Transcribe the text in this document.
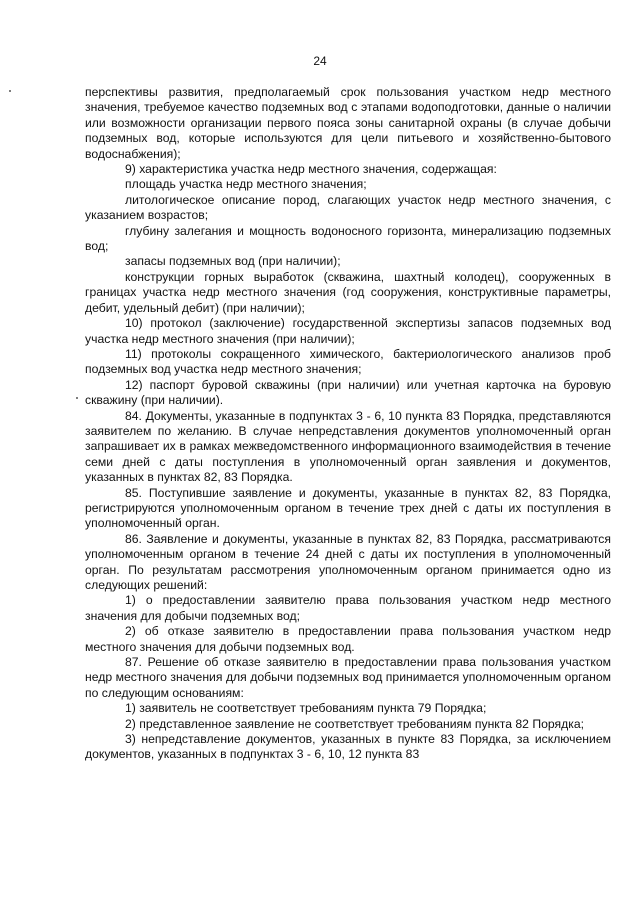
24

перспективы развития, предполагаемый срок пользования участком недр местного значения, требуемое качество подземных вод с этапами водоподготовки, данные о наличии или возможности организации первого пояса зоны санитарной охраны (в случае добычи подземных вод, которые используются для цели питьевого и хозяйственно-бытового водоснабжения);

9) характеристика участка недр местного значения, содержащая:

площадь участка недр местного значения;

литологическое описание пород, слагающих участок недр местного значения, с указанием возрастов;

глубину залегания и мощность водоносного горизонта, минерализацию подземных вод;

запасы подземных вод (при наличии);

конструкции горных выработок (скважина, шахтный колодец), сооруженных в границах участка недр местного значения (год сооружения, конструктивные параметры, дебит, удельный дебит) (при наличии);

10) протокол (заключение) государственной экспертизы запасов подземных вод участка недр местного значения (при наличии);

11) протоколы сокращенного химического, бактериологического анализов проб подземных вод участка недр местного значения;

12) паспорт буровой скважины (при наличии) или учетная карточка на буровую скважину (при наличии).

84. Документы, указанные в подпунктах 3 - 6, 10 пункта 83 Порядка, представляются заявителем по желанию. В случае непредставления документов уполномоченный орган запрашивает их в рамках межведомственного информационного взаимодействия в течение семи дней с даты поступления в уполномоченный орган заявления и документов, указанных в пунктах 82, 83 Порядка.

85. Поступившие заявление и документы, указанные в пунктах 82, 83 Порядка, регистрируются уполномоченным органом в течение трех дней с даты их поступления в уполномоченный орган.

86. Заявление и документы, указанные в пунктах 82, 83 Порядка, рассматриваются уполномоченным органом в течение 24 дней с даты их поступления в уполномоченный орган. По результатам рассмотрения уполномоченным органом принимается одно из следующих решений:

1) о предоставлении заявителю права пользования участком недр местного значения для добычи подземных вод;

2) об отказе заявителю в предоставлении права пользования участком недр местного значения для добычи подземных вод.

87. Решение об отказе заявителю в предоставлении права пользования участком недр местного значения для добычи подземных вод принимается уполномоченным органом по следующим основаниям:

1) заявитель не соответствует требованиям пункта 79 Порядка;

2) представленное заявление не соответствует требованиям пункта 82 Порядка;

3) непредставление документов, указанных в пункте 83 Порядка, за исключением документов, указанных в подпунктах 3 - 6, 10, 12 пункта 83
